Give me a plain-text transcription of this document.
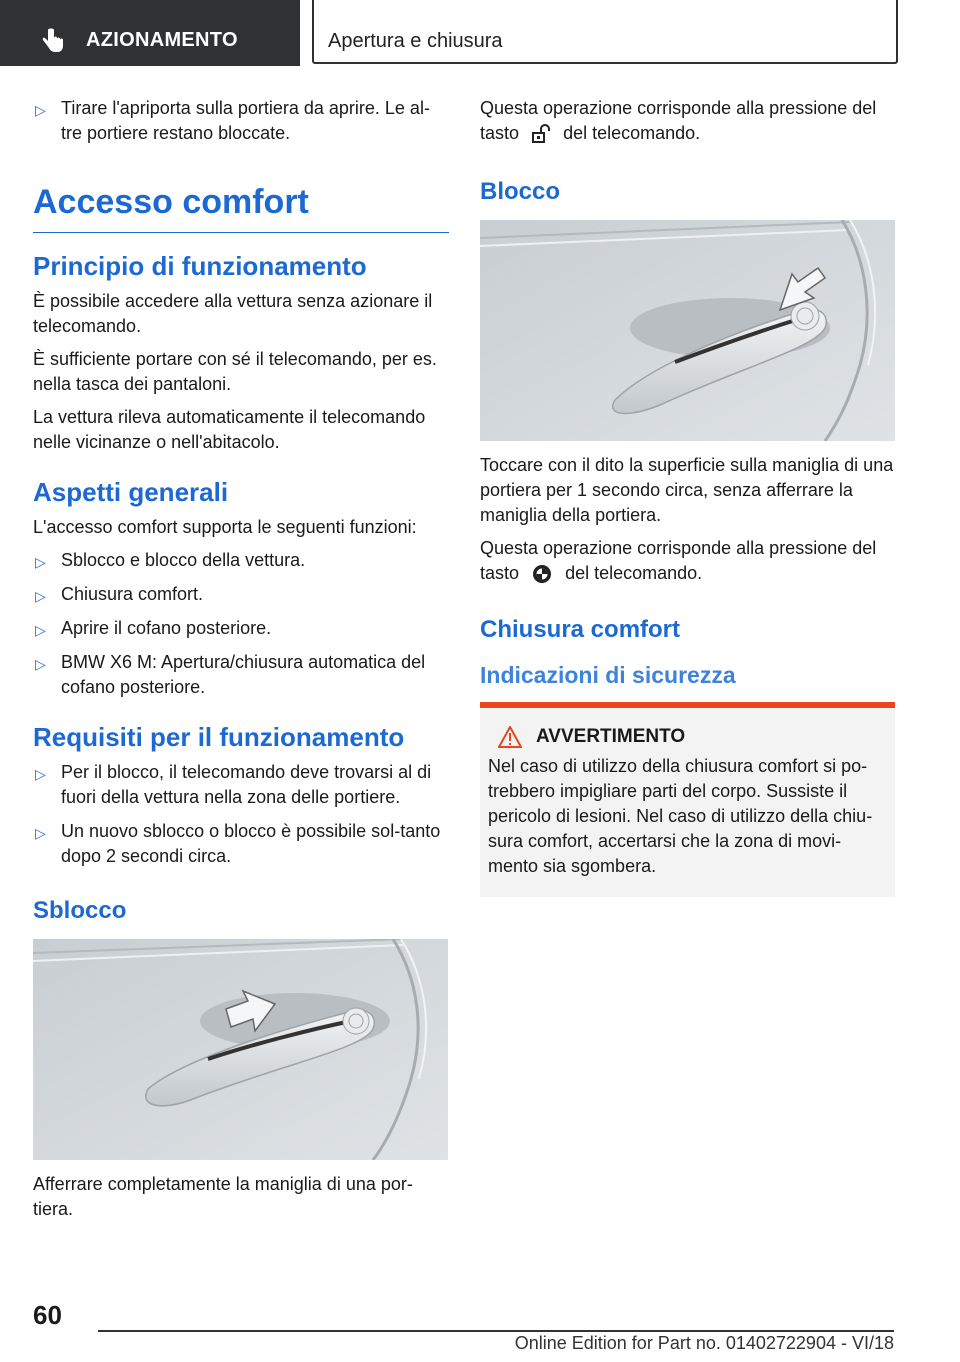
AZIONAMENTO	Apertura e chiusura
▷ Tirare l'apriporta sulla portiera da aprire. Le al-tre portiere restano bloccate.
Accesso comfort
Principio di funzionamento

È possibile accedere alla vettura senza azionare il telecomando.

È sufficiente portare con sé il telecomando, per es. nella tasca dei pantaloni.

La vettura rileva automaticamente il telecomando nelle vicinanze o nell'abitacolo.

Aspetti generali

L'accesso comfort supporta le seguenti funzioni:

▷ Sblocco e blocco della vettura.
▷ Chiusura comfort.
▷ Aprire il cofano posteriore.
▷ BMW X6 M: Apertura/chiusura automatica del cofano posteriore.
Requisiti per il funzionamento
▷ Per il blocco, il telecomando deve trovarsi al di fuori della vettura nella zona delle portiere.
▷ Un nuovo sblocco o blocco è possibile sol-tanto dopo 2 secondi circa.
Sblocco

Afferrare completamente la maniglia di una por-tiera.

Questa operazione corrisponde alla pressione del tasto del telecomando.

Blocco

Toccare con il dito la superficie sulla maniglia di una portiera per 1 secondo circa, senza afferrare la maniglia della portiera.

Questa operazione corrisponde alla pressione del tasto	del telecomando.

Chiusura comfort
Indicazioni di sicurezza
AVVERTIMENTO

Nel caso di utilizzo della chiusura comfort si po-trebbero impigliare parti del corpo. Sussiste il pericolo di lesioni. Nel caso di utilizzo della chiu-sura comfort, accertarsi che la zona di movi-mento sia sgombera.

60
Online Edition for Part no. 01402722904 - VI/18
